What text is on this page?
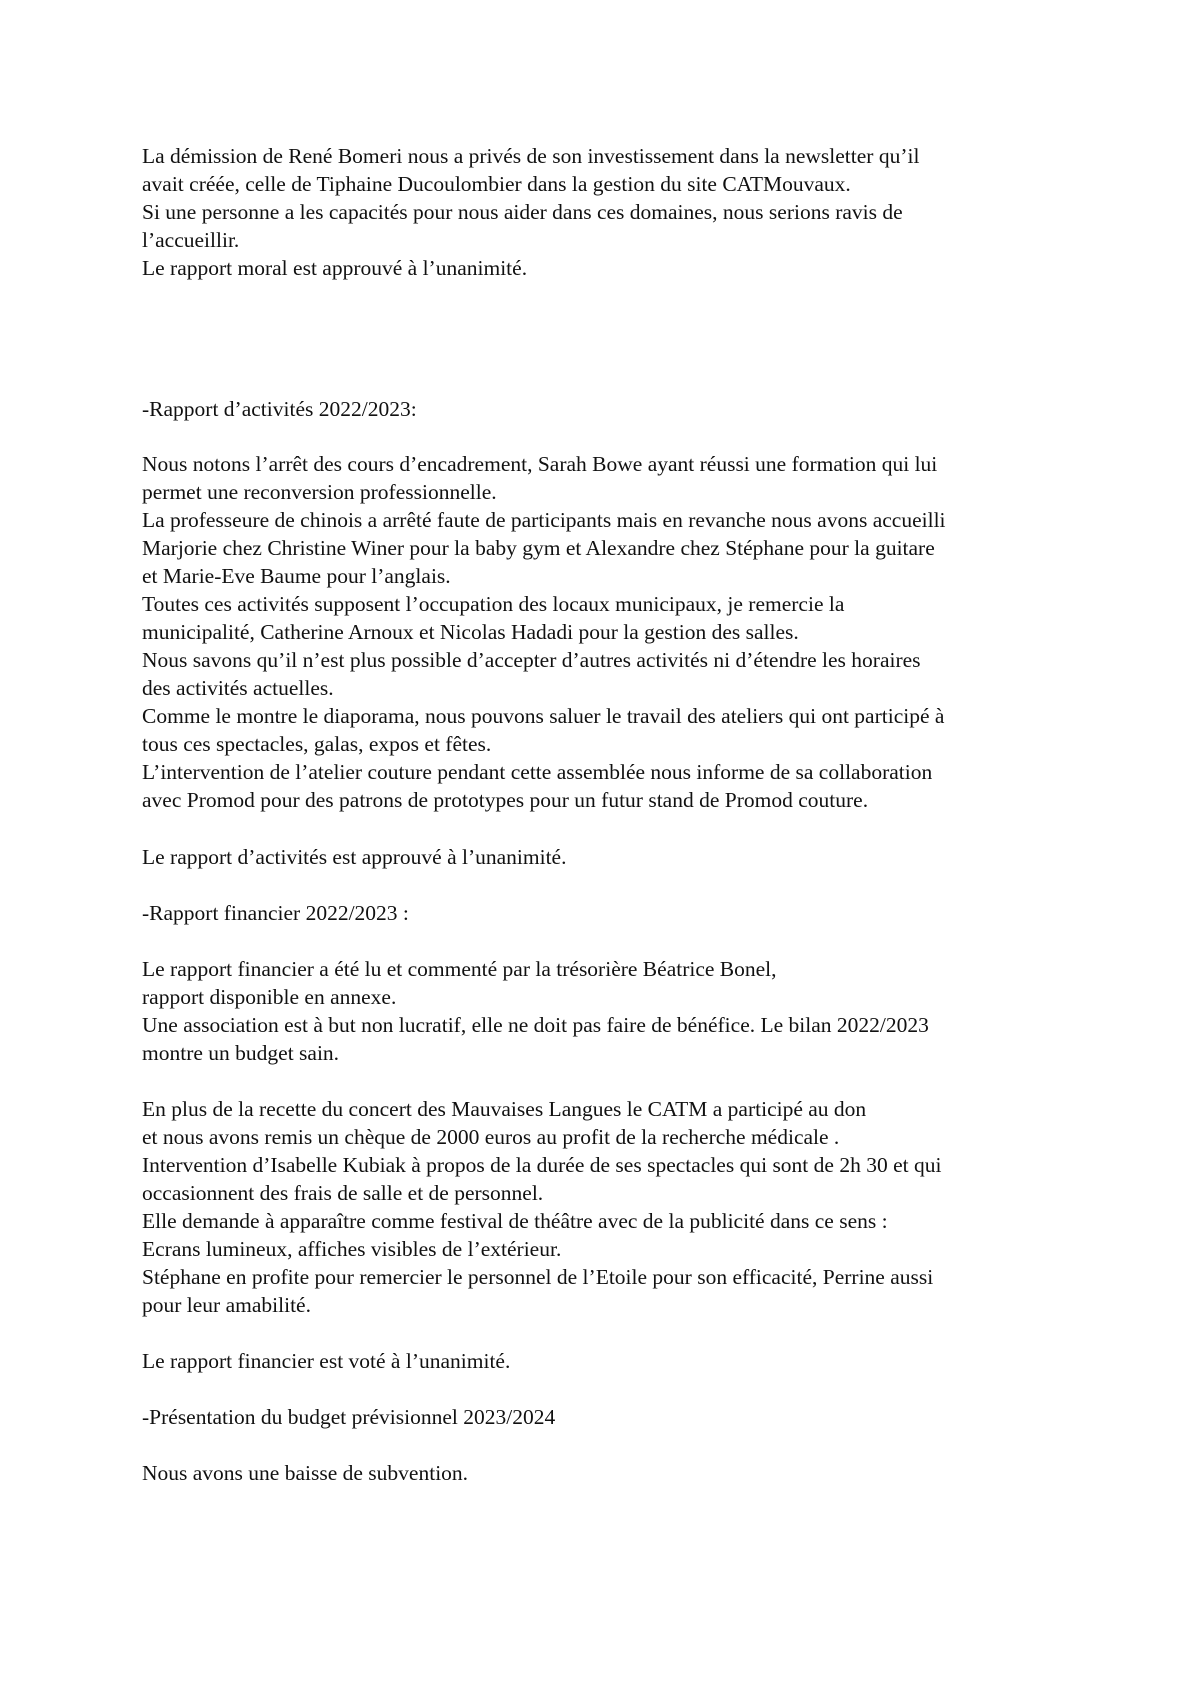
La démission de René Bomeri nous a privés de son investissement dans la newsletter qu’il
avait créée, celle de Tiphaine Ducoulombier dans la gestion du site CATMouvaux.
Si une personne a les capacités pour nous aider dans ces domaines, nous serions ravis de
l’accueillir.
Le rapport moral est approuvé à l’unanimité.

-Rapport d’activités 2022/2023:

Nous notons l’arrêt des cours d’encadrement, Sarah Bowe ayant réussi une formation qui lui
permet une reconversion professionnelle.
La professeure de chinois a arrêté faute de participants mais en revanche nous avons accueilli
Marjorie chez Christine Winer pour la baby gym et Alexandre chez Stéphane pour la guitare
et Marie-Eve Baume pour l’anglais.
Toutes ces activités supposent l’occupation des locaux municipaux, je remercie la
municipalité, Catherine Arnoux et Nicolas Hadadi pour la gestion des salles.
Nous savons qu’il n’est plus possible d’accepter d’autres activités ni d’étendre les horaires
des activités actuelles.
Comme le montre le diaporama, nous pouvons saluer le travail des ateliers qui ont participé à
tous ces spectacles, galas, expos et fêtes.
L’intervention de l’atelier couture pendant cette assemblée nous informe de sa collaboration
avec Promod pour des patrons de prototypes pour un futur stand de Promod couture.

Le rapport d’activités est approuvé à l’unanimité.

-Rapport financier 2022/2023 :

Le rapport financier a été lu et commenté par la trésorière Béatrice Bonel,
rapport disponible en annexe.
Une association est à but non lucratif, elle ne doit pas faire de bénéfice. Le bilan 2022/2023
montre un budget sain.

En plus de la recette du concert des Mauvaises Langues le CATM a participé au don
et nous avons remis un chèque de 2000 euros au profit de la recherche médicale .
Intervention d’Isabelle Kubiak à propos de la durée de ses spectacles qui sont de 2h 30 et qui
occasionnent des frais de salle et de personnel.
Elle demande à apparaître comme festival de théâtre avec de la publicité dans ce sens :
Ecrans lumineux, affiches visibles de l’extérieur.
Stéphane en profite pour remercier le personnel de l’Etoile pour son efficacité, Perrine aussi
pour leur amabilité.

Le rapport financier est voté à l’unanimité.

-Présentation du budget prévisionnel 2023/2024

Nous avons une baisse de subvention.
